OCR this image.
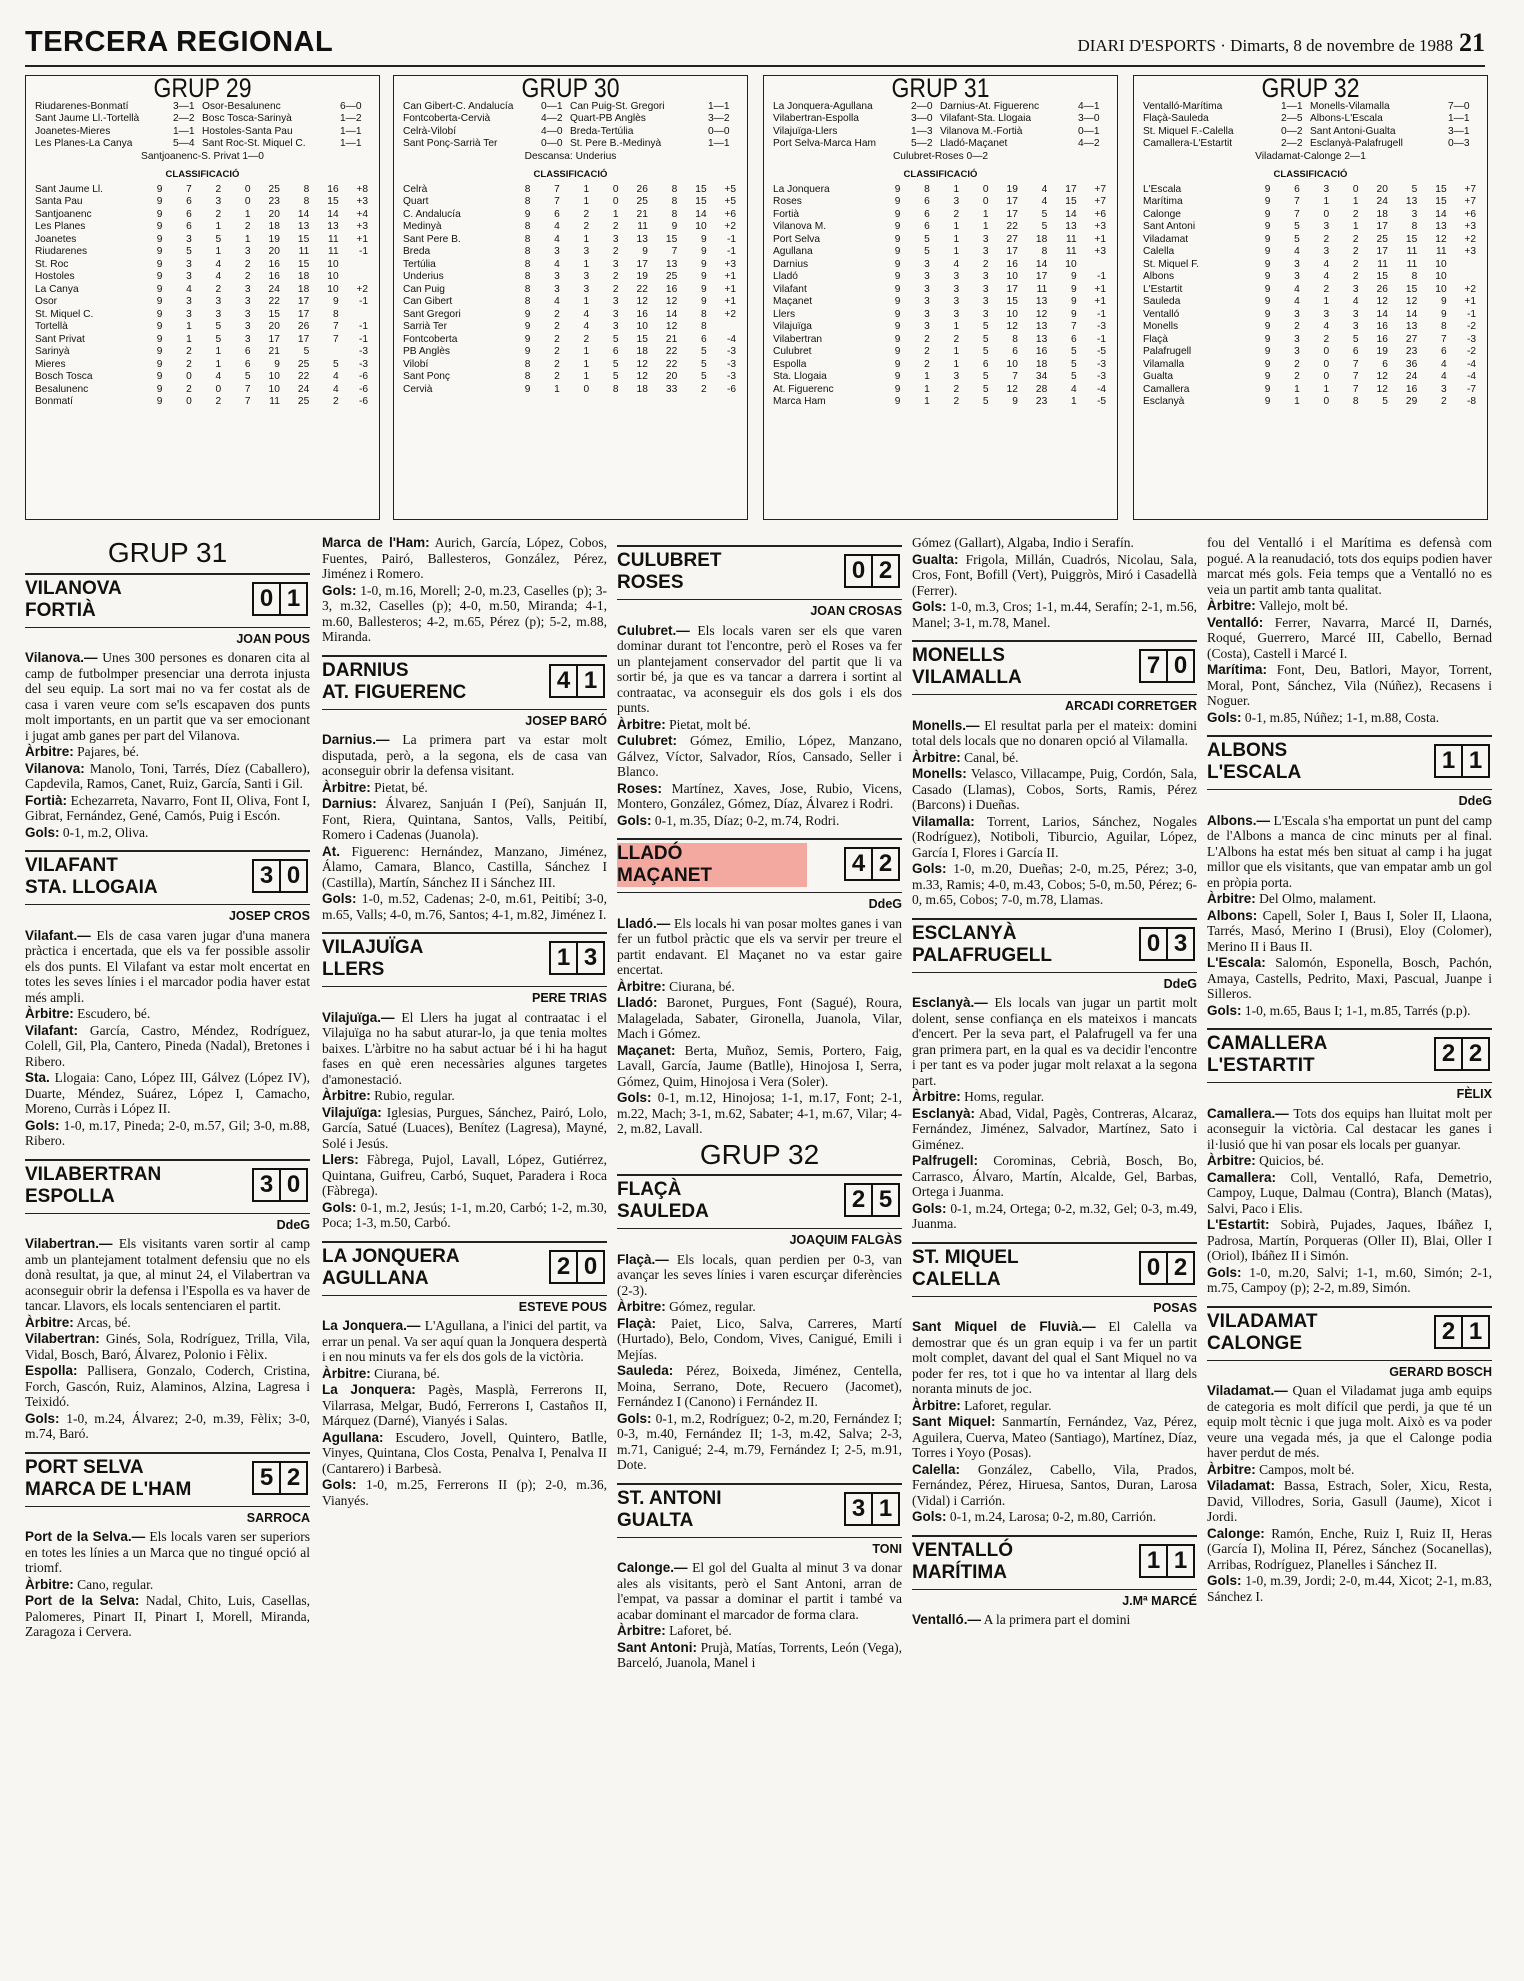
TERCERA REGIONAL	DIARI D'ESPORTS · Dimarts, 8 de novembre de 1988 21
GRUP 29
Riudarenes-Bonmatí	3—1 Osor-Besalunenc	6—0
Sant Jaume Ll.-Tortellà	2—2 Bosc Tosca-Sarinyà	1—2
Joanetes-Mieres	1—1 Hostoles-Santa Pau	1—1
Les Planes-La Canya	5—4 Sant Roc-St. Miquel C.	1—1
Santjoanenc-S. Privat 1—0
CLASSIFICACIÓ
Sant Jaume Ll.	9	7	2	0	25	8	16	+8
Santa Pau	9	6	3	0	23	8	15	+3
Santjoanenc	9	6	2	1	20	14	14	+4
Les Planes	9	6	1	2	18	13	13	+3
Joanetes	9	3	5	1	19	15	11	+1
Riudarenes	9	5	1	3	20	11	11	-1
St. Roc	9	3	4	2	16	15	10
Hostoles	9	3	4	2	16	18	10
La Canya	9	4	2	3	24	18	10	+2
Osor	9	3	3	3	22	17	9	-1
St. Miquel C.	9	3	3	3	15	17	8
Tortellà	9	1	5	3	20	26	7	-1
Sant Privat	9	1	5	3	17	17	7	-1
Sarinyà	9	2	1	6	21	5	-3
Mieres	9	2	1	6	9	25	5	-3
Bosch Tosca	9	0	4	5	10	22	4	-6
Besalunenc	9	2	0	7	10	24	4	-6
Bonmatí	9	0	2	7	11	25	2	-6
GRUP 30
Can Gibert-C. Andalucía	0—1 Can Puig-St. Gregori	1—1
Fontcoberta-Cervià	4—2 Quart-PB Anglès	3—2
Celrà-Vilobí	4—0 Breda-Tertúlia	0—0
Sant Ponç-Sarrià Ter	0—0 St. Pere B.-Medinyà	1—1
Descansa: Underius
CLASSIFICACIÓ
Celrà	8	7	1	0	26	8	15	+5
Quart	8	7	1	0	25	8	15	+5
C. Andalucía	9	6	2	1	21	8	14	+6
Medinyà	8	4	2	2	11	9	10	+2
Sant Pere B.	8	4	1	3	13	15	9	-1
Breda	8	3	3	2	9	7	9	-1
Tertúlia	8	4	1	3	17	13	9	+3
Underius	8	3	3	2	19	25	9	+1
Can Puig	8	3	3	2	22	16	9	+1
Can Gibert	8	4	1	3	12	12	9	+1
Sant Gregori	9	2	4	3	16	14	8	+2
Sarrià Ter	9	2	4	3	10	12	8
Fontcoberta	9	2	2	5	15	21	6	-4
PB Anglès	9	2	1	6	18	22	5	-3
Vilobí	8	2	1	5	12	22	5	-3
Sant Ponç	8	2	1	5	12	20	5	-3
Cervià	9	1	0	8	18	33	2	-6
GRUP 31
La Jonquera-Agullana	2—0 Darnius-At. Figuerenc	4—1
Vilabertran-Espolla	3—0 Vilafant-Sta. Llogaia	3—0
Vilajuïga-Llers	1—3 Vilanova M.-Fortià	0—1
Port Selva-Marca Ham	5—2 Lladó-Maçanet	4—2
Culubret-Roses 0—2
CLASSIFICACIÓ
La Jonquera	9	8	1	0	19	4	17	+7
Roses	9	6	3	0	17	4	15	+7
Fortià	9	6	2	1	17	5	14	+6
Vilanova M.	9	6	1	1	22	5	13	+3
Port Selva	9	5	1	3	27	18	11	+1
Agullana	9	5	1	3	17	8	11	+3
Darnius	9	3	4	2	16	14	10
Lladó	9	3	3	3	10	17	9	-1
Vilafant	9	3	3	3	17	11	9	+1
Maçanet	9	3	3	3	15	13	9	+1
Llers	9	3	3	3	10	12	9	-1
Vilajuïga	9	3	1	5	12	13	7	-3
Vilabertran	9	2	2	5	8	13	6	-1
Culubret	9	2	1	5	6	16	5	-5
Espolla	9	2	1	6	10	18	5	-3
Sta. Llogaia	9	1	3	5	7	34	5	-3
At. Figuerenc	9	1	2	5	12	28	4	-4
Marca Ham	9	1	2	5	9	23	1	-5
GRUP 32
Ventalló-Marítima	1—1 Monells-Vilamalla	7—0
Flaçà-Sauleda	2—5 Albons-L'Escala	1—1
St. Miquel F.-Calella	0—2 Sant Antoni-Gualta	3—1
Camallera-L'Estartit	2—2 Esclanyà-Palafrugell	0—3
Viladamat-Calonge 2—1
CLASSIFICACIÓ
L'Escala	9	6	3	0	20	5	15	+7
Marítima	9	7	1	1	24	13	15	+7
Calonge	9	7	0	2	18	3	14	+6
Sant Antoni	9	5	3	1	17	8	13	+3
Viladamat	9	5	2	2	25	15	12	+2
Calella	9	4	3	2	17	11	11	+3
St. Miquel F.	9	3	4	2	11	11	10
Albons	9	3	4	2	15	8	10
L'Estartit	9	4	2	3	26	15	10	+2
Sauleda	9	4	1	4	12	12	9	+1
Ventalló	9	3	3	3	14	14	9	-1
Monells	9	2	4	3	16	13	8	-2
Flaçà	9	3	2	5	16	27	7	-3
Palafrugell	9	3	0	6	19	23	6	-2
Vilamalla	9	2	0	7	6	36	4	-4
Gualta	9	2	0	7	12	24	4	-4
Camallera	9	1	1	7	12	16	3	-7
Esclanyà	9	1	0	8	5	29	2	-8
GRUP 31
VILANOVA
FORTIÀ	0 1
JOAN POUS

Vilanova.— Unes 300 persones es donaren cita al camp de futbolmper presenciar una derrota injusta del seu equip. La sort mai no va fer costat als de casa i varen veure com se'ls escapaven dos punts molt importants, en un partit que va ser emocionant i jugat amb ganes per part del Vilanova.

Àrbitre: Pajares, bé.

Vilanova: Manolo, Toni, Tarrés, Díez (Caballero), Capdevila, Ramos, Canet, Ruiz, García, Santi i Gil.

Fortià: Echezarreta, Navarro, Font II, Oliva, Font I, Gibrat, Fernández, Gené, Camós, Puig i Escón.

Gols: 0-1, m.2, Oliva.

VILAFANT
STA. LLOGAIA	3 0
JOSEP CROS

Vilafant.— Els de casa varen jugar d'una manera pràctica i encertada, que els va fer possible assolir els dos punts. El Vilafant va estar molt encertat en totes les seves línies i el marcador podia haver estat més ampli.

Àrbitre: Escudero, bé.

Vilafant: García, Castro, Méndez, Rodríguez, Colell, Gil, Pla, Cantero, Pineda (Nadal), Bretones i Ribero.

Sta. Llogaia: Cano, López III, Gálvez (López IV), Duarte, Méndez, Suárez, López I, Camacho, Moreno, Curràs i López II.

Gols: 1-0, m.17, Pineda; 2-0, m.57, Gil; 3-0, m.88, Ribero.

VILABERTRAN
ESPOLLA	3 0
DdeG

Vilabertran.— Els visitants varen sortir al camp amb un plantejament totalment defensiu que no els donà resultat, ja que, al minut 24, el Vilabertran va aconseguir obrir la defensa i l'Espolla es va haver de tancar. Llavors, els locals sentenciaren el partit.

Àrbitre: Arcas, bé.

Vilabertran: Ginés, Sola, Rodríguez, Trilla, Vila, Vidal, Bosch, Baró, Álvarez, Polonio i Fèlix.

Espolla: Pallisera, Gonzalo, Coderch, Cristina, Forch, Gascón, Ruiz, Alaminos, Alzina, Lagresa i Teixidó.

Gols: 1-0, m.24, Álvarez; 2-0, m.39, Fèlix; 3-0, m.74, Baró.

PORT SELVA
MARCA DE L'HAM	5 2
SARROCA

Port de la Selva.— Els locals varen ser superiors en totes les línies a un Marca que no tingué opció al triomf.

Àrbitre: Cano, regular.

Port de la Selva: Nadal, Chito, Luis, Casellas, Palomeres, Pinart II, Pinart I, Morell, Miranda, Zaragoza i Cervera.

Marca de l'Ham: Aurich, García, López, Cobos, Fuentes, Pairó, Ballesteros, González, Pérez, Jiménez i Romero.

Gols: 1-0, m.16, Morell; 2-0, m.23, Caselles (p); 3-3, m.32, Caselles (p); 4-0, m.50, Miranda; 4-1, m.60, Ballesteros; 4-2, m.65, Pérez (p); 5-2, m.88, Miranda.

DARNIUS
AT. FIGUERENC	4 1
JOSEP BARÓ

Darnius.— La primera part va estar molt disputada, però, a la segona, els de casa van aconseguir obrir la defensa visitant.

Àrbitre: Pietat, bé.

Darnius: Álvarez, Sanjuán I (Peí), Sanjuán II, Font, Riera, Quintana, Santos, Valls, Peitibí, Romero i Cadenas (Juanola).

At. Figuerenc: Hernández, Manzano, Jiménez, Álamo, Camara, Blanco, Castilla, Sánchez I (Castilla), Martín, Sánchez II i Sánchez III.

Gols: 1-0, m.52, Cadenas; 2-0, m.61, Peitibí; 3-0, m.65, Valls; 4-0, m.76, Santos; 4-1, m.82, Jiménez I.

VILAJUÏGA
LLERS	1 3
PERE TRIAS

Vilajuïga.— El Llers ha jugat al contraatac i el Vilajuïga no ha sabut aturar-lo, ja que tenia moltes baixes. L'àrbitre no ha sabut actuar bé i hi ha hagut fases en què eren necessàries algunes targetes d'amonestació.

Àrbitre: Rubio, regular.

Vilajuïga: Iglesias, Purgues, Sánchez, Pairó, Lolo, García, Satué (Luaces), Benítez (Lagresa), Mayné, Solé i Jesús.

Llers: Fàbrega, Pujol, Lavall, López, Gutiérrez, Quintana, Guifreu, Carbó, Suquet, Paradera i Roca (Fàbrega).

Gols: 0-1, m.2, Jesús; 1-1, m.20, Carbó; 1-2, m.30, Poca; 1-3, m.50, Carbó.

LA JONQUERA
AGULLANA	2 0
ESTEVE POUS

La Jonquera.— L'Agullana, a l'inici del partit, va errar un penal. Va ser aquí quan la Jonquera despertà i en nou minuts va fer els dos gols de la victòria.

Àrbitre: Ciurana, bé.

La Jonquera: Pagès, Masplà, Ferrerons II, Vilarrasa, Melgar, Budó, Ferrerons I, Castaños II, Márquez (Darné), Vianyés i Salas.

Agullana: Escudero, Jovell, Quintero, Batlle, Vinyes, Quintana, Clos Costa, Penalva I, Penalva II (Cantarero) i Barbesà.

Gols: 1-0, m.25, Ferrerons II (p); 2-0, m.36, Vianyés.

CULUBRET
ROSES	0 2
JOAN CROSAS

Culubret.— Els locals varen ser els que varen dominar durant tot l'encontre, però el Roses va fer un plantejament conservador del partit que li va sortir bé, ja que es va tancar a darrera i sortint al contraatac, va aconseguir els dos gols i els dos punts.

Àrbitre: Pietat, molt bé.

Culubret: Gómez, Emilio, López, Manzano, Gálvez, Víctor, Salvador, Ríos, Cansado, Seller i Blanco.

Roses: Martínez, Xaves, Jose, Rubio, Vicens, Montero, González, Gómez, Díaz, Álvarez i Rodri.

Gols: 0-1, m.35, Díaz; 0-2, m.74, Rodri.

LLADÓ
MAÇANET	4 2
DdeG

Lladó.— Els locals hi van posar moltes ganes i van fer un futbol pràctic que els va servir per treure el partit endavant. El Maçanet no va estar gaire encertat.

Àrbitre: Ciurana, bé.

Lladó: Baronet, Purgues, Font (Sagué), Roura, Malagelada, Sabater, Gironella, Juanola, Vilar, Mach i Gómez.

Maçanet: Berta, Muñoz, Semis, Portero, Faig, Lavall, García, Jaume (Batlle), Hinojosa I, Serra, Gómez, Quim, Hinojosa i Vera (Soler).

Gols: 0-1, m.12, Hinojosa; 1-1, m.17, Font; 2-1, m.22, Mach; 3-1, m.62, Sabater; 4-1, m.67, Vilar; 4-2, m.82, Lavall.

GRUP 32
FLAÇÀ
SAULEDA	2 5
JOAQUIM FALGÀS

Flaçà.— Els locals, quan perdien per 0-3, van avançar les seves línies i varen escurçar diferències (2-3).

Àrbitre: Gómez, regular.

Flaçà: Paiet, Lico, Salva, Carreres, Martí (Hurtado), Belo, Condom, Vives, Canigué, Emili i Mejías.

Sauleda: Pérez, Boixeda, Jiménez, Centella, Moina, Serrano, Dote, Recuero (Jacomet), Fernández I (Canono) i Fernández II.

Gols: 0-1, m.2, Rodríguez; 0-2, m.20, Fernández I; 0-3, m.40, Fernández II; 1-3, m.42, Salva; 2-3, m.71, Canigué; 2-4, m.79, Fernández I; 2-5, m.91, Dote.

ST. ANTONI
GUALTA	3 1
TONI

Calonge.— El gol del Gualta al minut 3 va donar ales als visitants, però el Sant Antoni, arran de l'empat, va passar a dominar el partit i també va acabar dominant el marcador de forma clara.

Àrbitre: Laforet, bé.

Sant Antoni: Prujà, Matías, Torrents, León (Vega), Barceló, Juanola, Manel i

Gómez (Gallart), Algaba, Indio i Serafín.

Gualta: Frigola, Millán, Cuadrós, Nicolau, Sala, Cros, Font, Bofill (Vert), Puiggròs, Miró i Casadellà (Ferrer).

Gols: 1-0, m.3, Cros; 1-1, m.44, Serafín; 2-1, m.56, Manel; 3-1, m.78, Manel.

MONELLS
VILAMALLA	7 0
ARCADI CORRETGER

Monells.— El resultat parla per el mateix: domini total dels locals que no donaren opció al Vilamalla.

Àrbitre: Canal, bé.

Monells: Velasco, Villacampe, Puig, Cordón, Sala, Casado (Llamas), Cobos, Sorts, Ramis, Pérez (Barcons) i Dueñas.

Vilamalla: Torrent, Larios, Sánchez, Nogales (Rodríguez), Notiboli, Tiburcio, Aguilar, López, García I, Flores i García II.

Gols: 1-0, m.20, Dueñas; 2-0, m.25, Pérez; 3-0, m.33, Ramis; 4-0, m.43, Cobos; 5-0, m.50, Pérez; 6-0, m.65, Cobos; 7-0, m.78, Llamas.

ESCLANYÀ
PALAFRUGELL	0 3
DdeG

Esclanyà.— Els locals van jugar un partit molt dolent, sense confiança en els mateixos i mancats d'encert. Per la seva part, el Palafrugell va fer una gran primera part, en la qual es va decidir l'encontre i per tant es va poder jugar molt relaxat a la segona part.

Àrbitre: Homs, regular.

Esclanyà: Abad, Vidal, Pagès, Contreras, Alcaraz, Fernández, Jiménez, Salvador, Martínez, Sato i Giménez.

Palfrugell: Corominas, Cebrià, Bosch, Bo, Carrasco, Álvaro, Martín, Alcalde, Gel, Barbas, Ortega i Juanma.

Gols: 0-1, m.24, Ortega; 0-2, m.32, Gel; 0-3, m.49, Juanma.

ST. MIQUEL
CALELLA	0 2
POSAS

Sant Miquel de Fluvià.— El Calella va demostrar que és un gran equip i va fer un partit molt complet, davant del qual el Sant Miquel no va poder fer res, tot i que ho va intentar al llarg dels noranta minuts de joc.

Àrbitre: Laforet, regular.

Sant Miquel: Sanmartín, Fernández, Vaz, Pérez, Aguilera, Cuerva, Mateo (Santiago), Martínez, Díaz, Torres i Yoyo (Posas).

Calella: González, Cabello, Vila, Prados, Fernández, Pérez, Hiruesa, Santos, Duran, Larosa (Vidal) i Carrión.

Gols: 0-1, m.24, Larosa; 0-2, m.80, Carrión.

VENTALLÓ
MARÍTIMA	1 1
J.Mª MARCÉ

Ventalló.— A la primera part el domini

fou del Ventalló i el Marítima es defensà com pogué. A la reanudació, tots dos equips podien haver marcat més gols. Feia temps que a Ventalló no es veia un partit amb tanta qualitat.

Àrbitre: Vallejo, molt bé.

Ventalló: Ferrer, Navarra, Marcé II, Darnés, Roqué, Guerrero, Marcé III, Cabello, Bernad (Costa), Castell i Marcé I.

Marítima: Font, Deu, Batlori, Mayor, Torrent, Moral, Pont, Sánchez, Vila (Núñez), Recasens i Noguer.

Gols: 0-1, m.85, Núñez; 1-1, m.88, Costa.

ALBONS
L'ESCALA	1 1
DdeG

Albons.— L'Escala s'ha emportat un punt del camp de l'Albons a manca de cinc minuts per al final. L'Albons ha estat més ben situat al camp i ha jugat millor que els visitants, que van empatar amb un gol en pròpia porta.

Àrbitre: Del Olmo, malament.

Albons: Capell, Soler I, Baus I, Soler II, Llaona, Tarrés, Masó, Merino I (Brusi), Eloy (Colomer), Merino II i Baus II.

L'Escala: Salomón, Esponella, Bosch, Pachón, Amaya, Castells, Pedrito, Maxi, Pascual, Juanpe i Silleros.

Gols: 1-0, m.65, Baus I; 1-1, m.85, Tarrés (p.p).

CAMALLERA
L'ESTARTIT	2 2
FÈLIX

Camallera.— Tots dos equips han lluitat molt per aconseguir la victòria. Cal destacar les ganes i il·lusió que hi van posar els locals per guanyar.

Àrbitre: Quicios, bé.

Camallera: Coll, Ventalló, Rafa, Demetrio, Campoy, Luque, Dalmau (Contra), Blanch (Matas), Salvi, Paco i Elis.

L'Estartit: Sobirà, Pujades, Jaques, Ibáñez I, Padrosa, Martín, Porqueras (Oller II), Blai, Oller I (Oriol), Ibáñez II i Simón.

Gols: 1-0, m.20, Salvi; 1-1, m.60, Simón; 2-1, m.75, Campoy (p); 2-2, m.89, Simón.

VILADAMAT
CALONGE	2 1
GERARD BOSCH

Viladamat.— Quan el Viladamat juga amb equips de categoria es molt difícil que perdi, ja que té un equip molt tècnic i que juga molt. Això es va poder veure una vegada més, ja que el Calonge podia haver perdut de més.

Àrbitre: Campos, molt bé.

Viladamat: Bassa, Estrach, Soler, Xicu, Resta, David, Villodres, Soria, Gasull (Jaume), Xicot i Jordi.

Calonge: Ramón, Enche, Ruiz I, Ruiz II, Heras (García I), Molina II, Pérez, Sánchez (Socanellas), Arribas, Rodríguez, Planelles i Sánchez II.

Gols: 1-0, m.39, Jordi; 2-0, m.44, Xicot; 2-1, m.83, Sánchez I.
